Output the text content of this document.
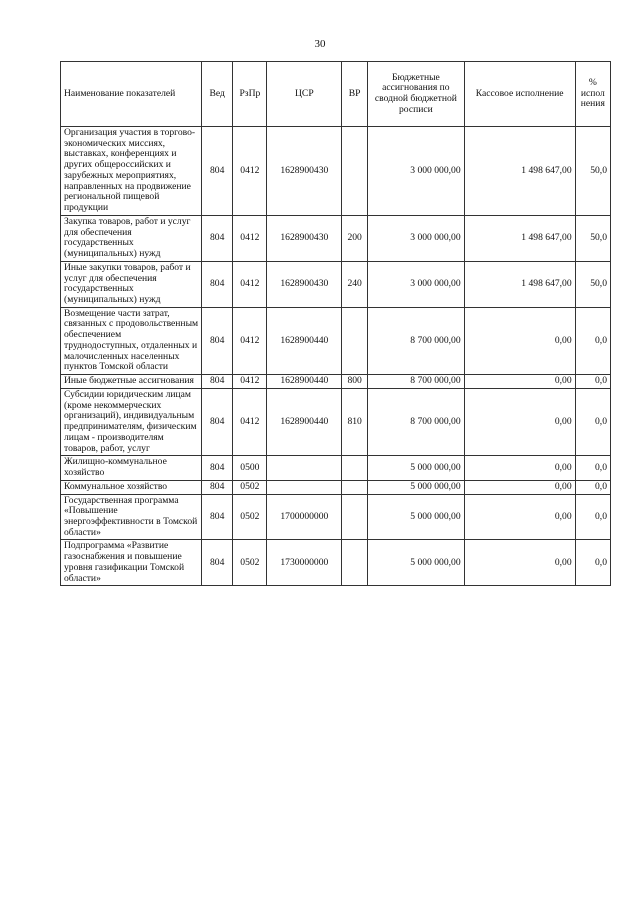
30
Наименование показателей	Вед	РзПр	ЦСР	ВР	Бюджетные ассигнования по сводной бюджетной росписи	Кассовое исполнение	% испол нения
Организация участия в торгово-экономических миссиях, выставках, конференциях и других общероссийских и зарубежных мероприятиях, направленных на продвижение региональной пищевой продукции	804	0412	1628900430		3 000 000,00	1 498 647,00	50,0
Закупка товаров, работ и услуг для обеспечения государственных (муниципальных) нужд	804	0412	1628900430	200	3 000 000,00	1 498 647,00	50,0
Иные закупки товаров, работ и услуг для обеспечения государственных (муниципальных) нужд	804	0412	1628900430	240	3 000 000,00	1 498 647,00	50,0
Возмещение части затрат, связанных с продовольственным обеспечением труднодоступных, отдаленных и малочисленных населенных пунктов Томской области	804	0412	1628900440		8 700 000,00	0,00	0,0
Иные бюджетные ассигнования	804	0412	1628900440	800	8 700 000,00	0,00	0,0
Субсидии юридическим лицам (кроме некоммерческих организаций), индивидуальным предпринимателям, физическим лицам - производителям товаров, работ, услуг	804	0412	1628900440	810	8 700 000,00	0,00	0,0
Жилищно-коммунальное хозяйство	804	0500			5 000 000,00	0,00	0,0
Коммунальное хозяйство	804	0502			5 000 000,00	0,00	0,0
Государственная программа «Повышение энергоэффективности в Томской области»	804	0502	1700000000		5 000 000,00	0,00	0,0
Подпрограмма «Развитие газоснабжения и повышение уровня газификации Томской области»	804	0502	1730000000		5 000 000,00	0,00	0,0
